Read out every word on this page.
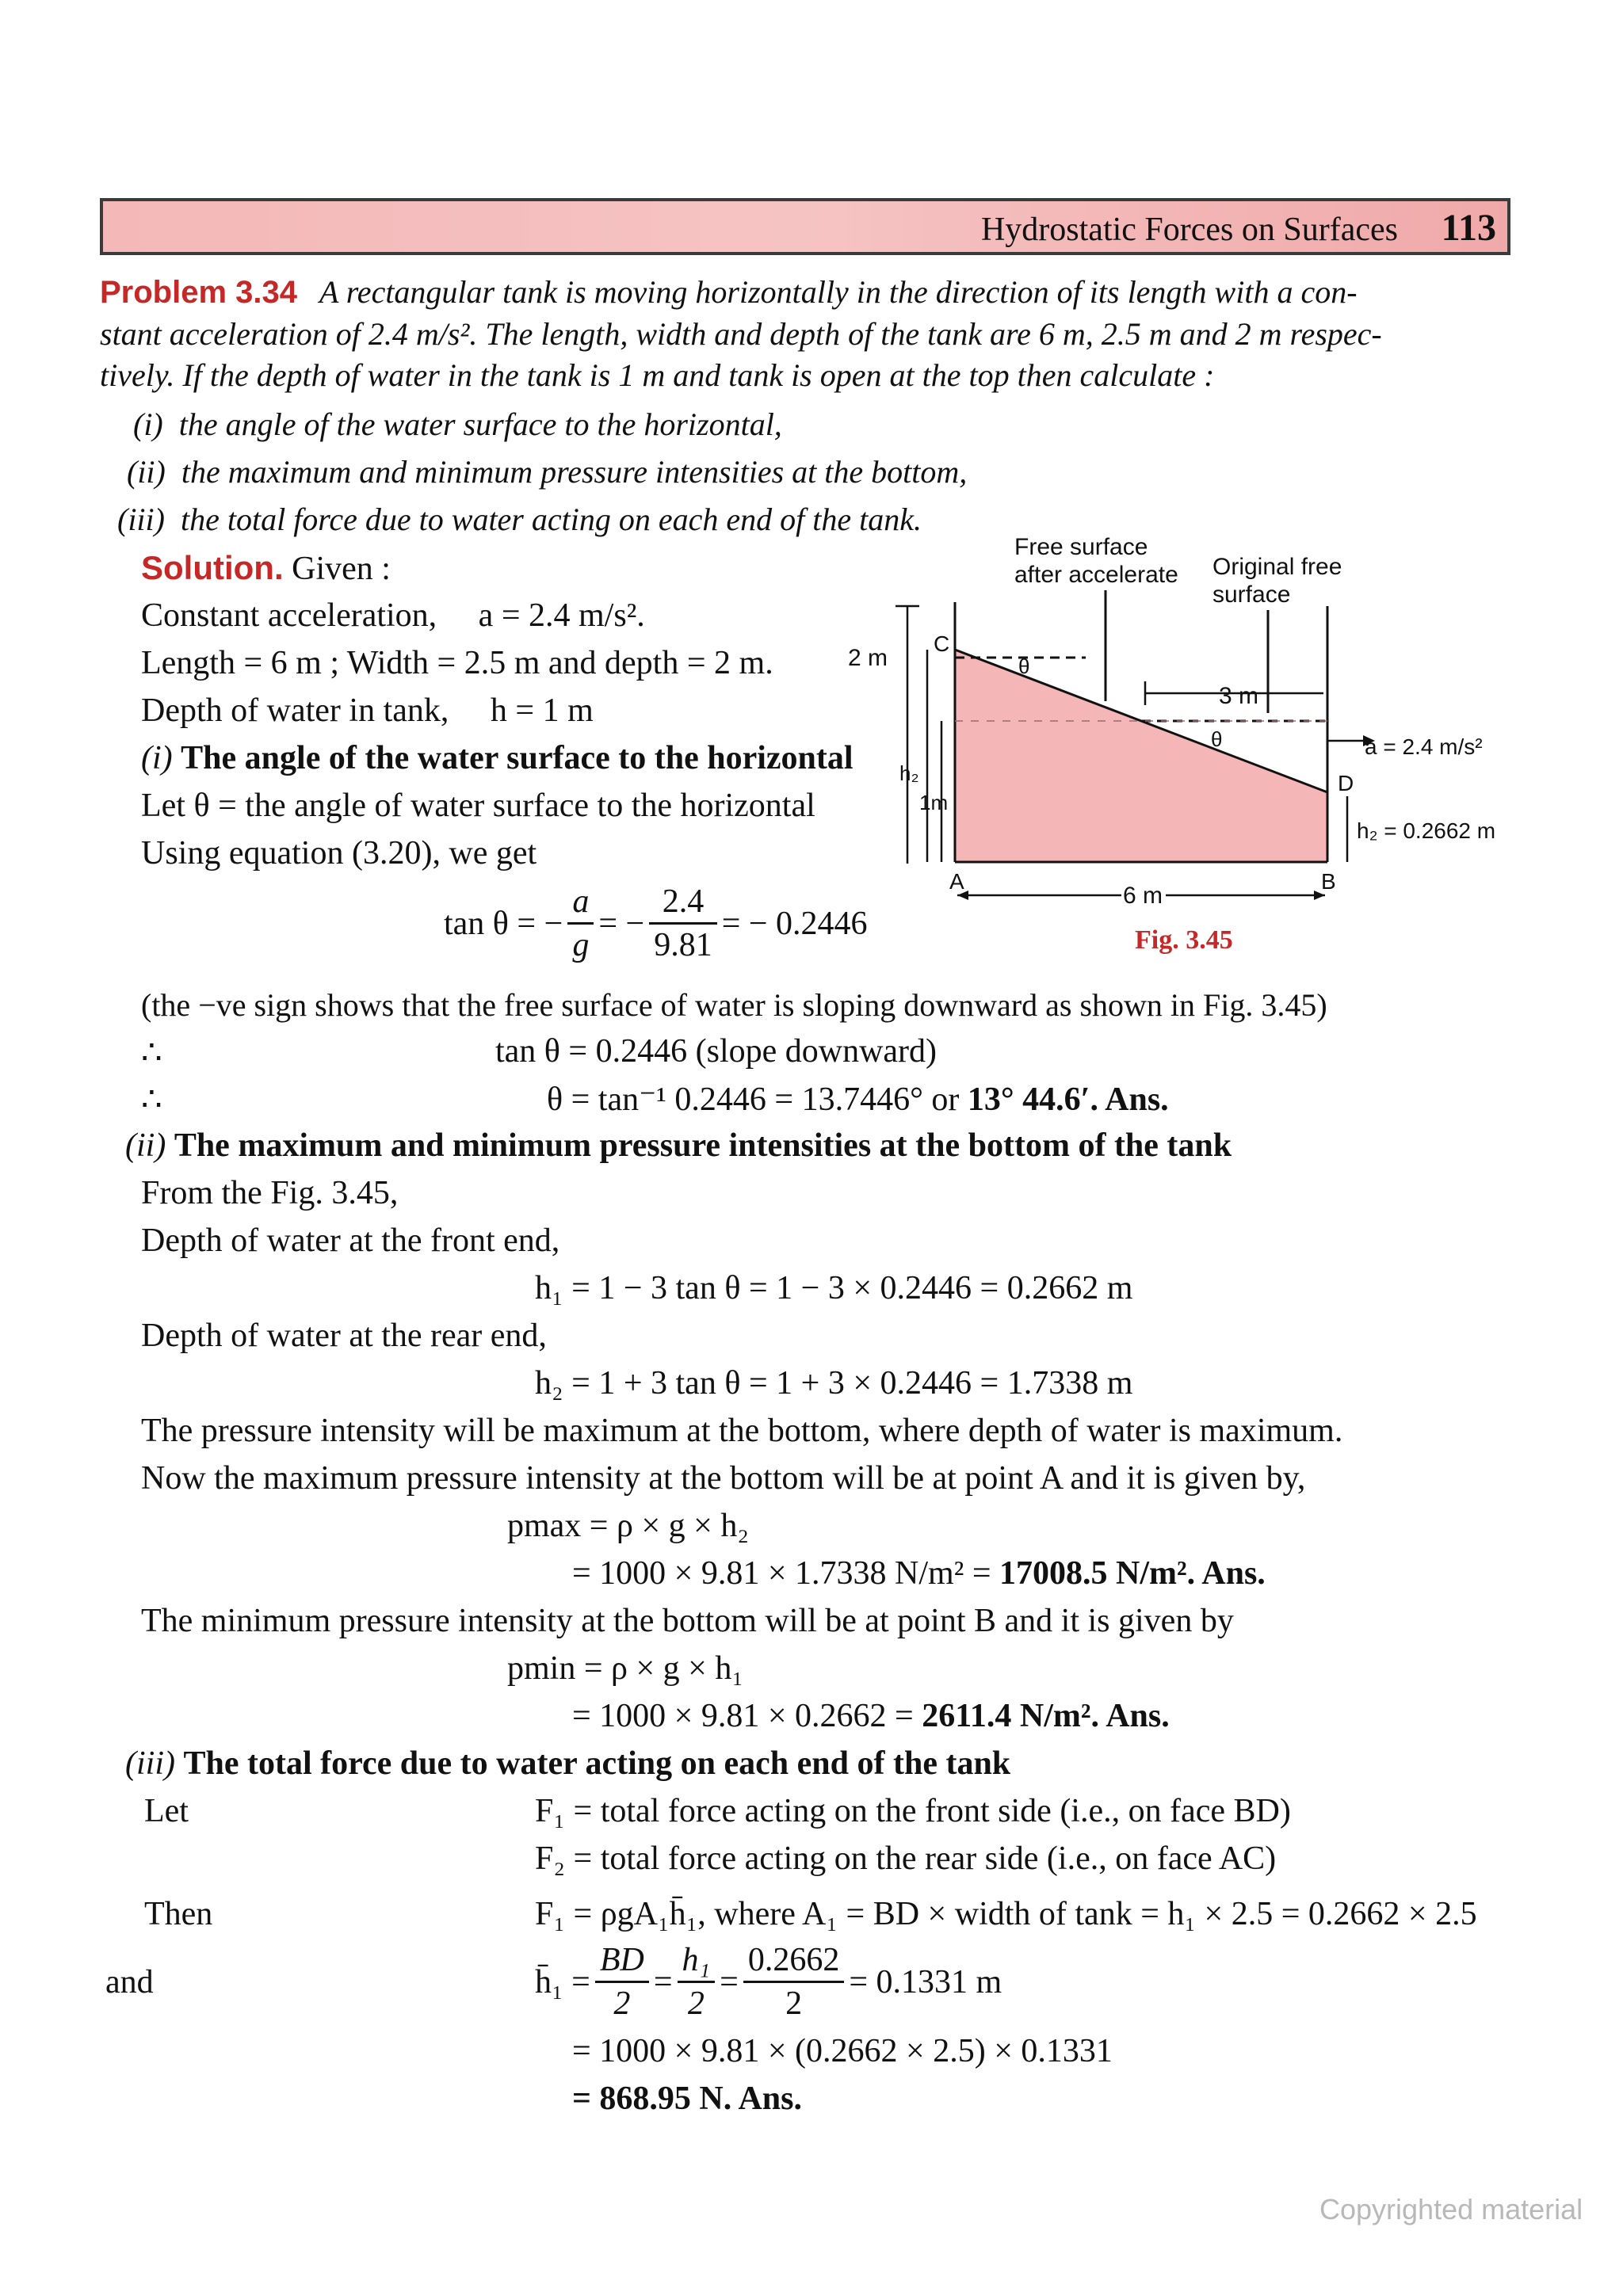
Hydrostatic Forces on Surfaces 113
Problem 3.34 A rectangular tank is moving horizontally in the direction of its length with a con-
stant acceleration of 2.4 m/s². The length, width and depth of the tank are 6 m, 2.5 m and 2 m respec-
tively. If the depth of water in the tank is 1 m and tank is open at the top then calculate :
(i) the angle of the water surface to the horizontal,
(ii) the maximum and minimum pressure intensities at the bottom,
(iii) the total force due to water acting on each end of the tank.
Solution. Given :
Constant acceleration,     a = 2.4 m/s².
Length = 6 m ; Width = 2.5 m and depth = 2 m.
Depth of water in tank,     h = 1 m
(i) The angle of the water surface to the horizontal
Let θ = the angle of water surface to the horizontal
Using equation (3.20), we get
tan θ = − $\frac{a}{g}$ = − $\frac{2.4}{9.81}$ = − 0.2446
Free surface
after accelerate Original free
surface
θ
θ
3 m
2 m
h₂
1m
C
D
A	B
a = 2.4 m/s²
h₂ = 0.2662 m
6 m
Fig. 3.45
(the −ve sign shows that the free surface of water is sloping downward as shown in Fig. 3.45)
∴	tan θ = 0.2446 (slope downward)
∴	θ = tan⁻¹ 0.2446 = 13.7446° or 13° 44.6′. Ans.
(ii) The maximum and minimum pressure intensities at the bottom of the tank
From the Fig. 3.45,
Depth of water at the front end,
h₁ = 1 − 3 tan θ = 1 − 3 × 0.2446 = 0.2662 m
Depth of water at the rear end,
h₂ = 1 + 3 tan θ = 1 + 3 × 0.2446 = 1.7338 m
The pressure intensity will be maximum at the bottom, where depth of water is maximum.
Now the maximum pressure intensity at the bottom will be at point A and it is given by,
pmax = ρ × g × h₂
= 1000 × 9.81 × 1.7338 N/m² = 17008.5 N/m². Ans.
The minimum pressure intensity at the bottom will be at point B and it is given by
pmin = ρ × g × h₁
= 1000 × 9.81 × 0.2662 = 2611.4 N/m². Ans.
(iii) The total force due to water acting on each end of the tank
Let	F₁ = total force acting on the front side (i.e., on face BD)
F₂ = total force acting on the rear side (i.e., on face AC)
Then	F₁ = ρgA₁h̄₁, where A₁ = BD × width of tank = h₁ × 2.5 = 0.2662 × 2.5
and	h̄₁ = $\frac{BD}{2} = \frac{\text{h₁}}{2} = \frac{0.2662}{2} = 0.1331$ m
= 1000 × 9.81 × (0.2662 × 2.5) × 0.1331
= 868.95 N. Ans.
Copyrighted material
